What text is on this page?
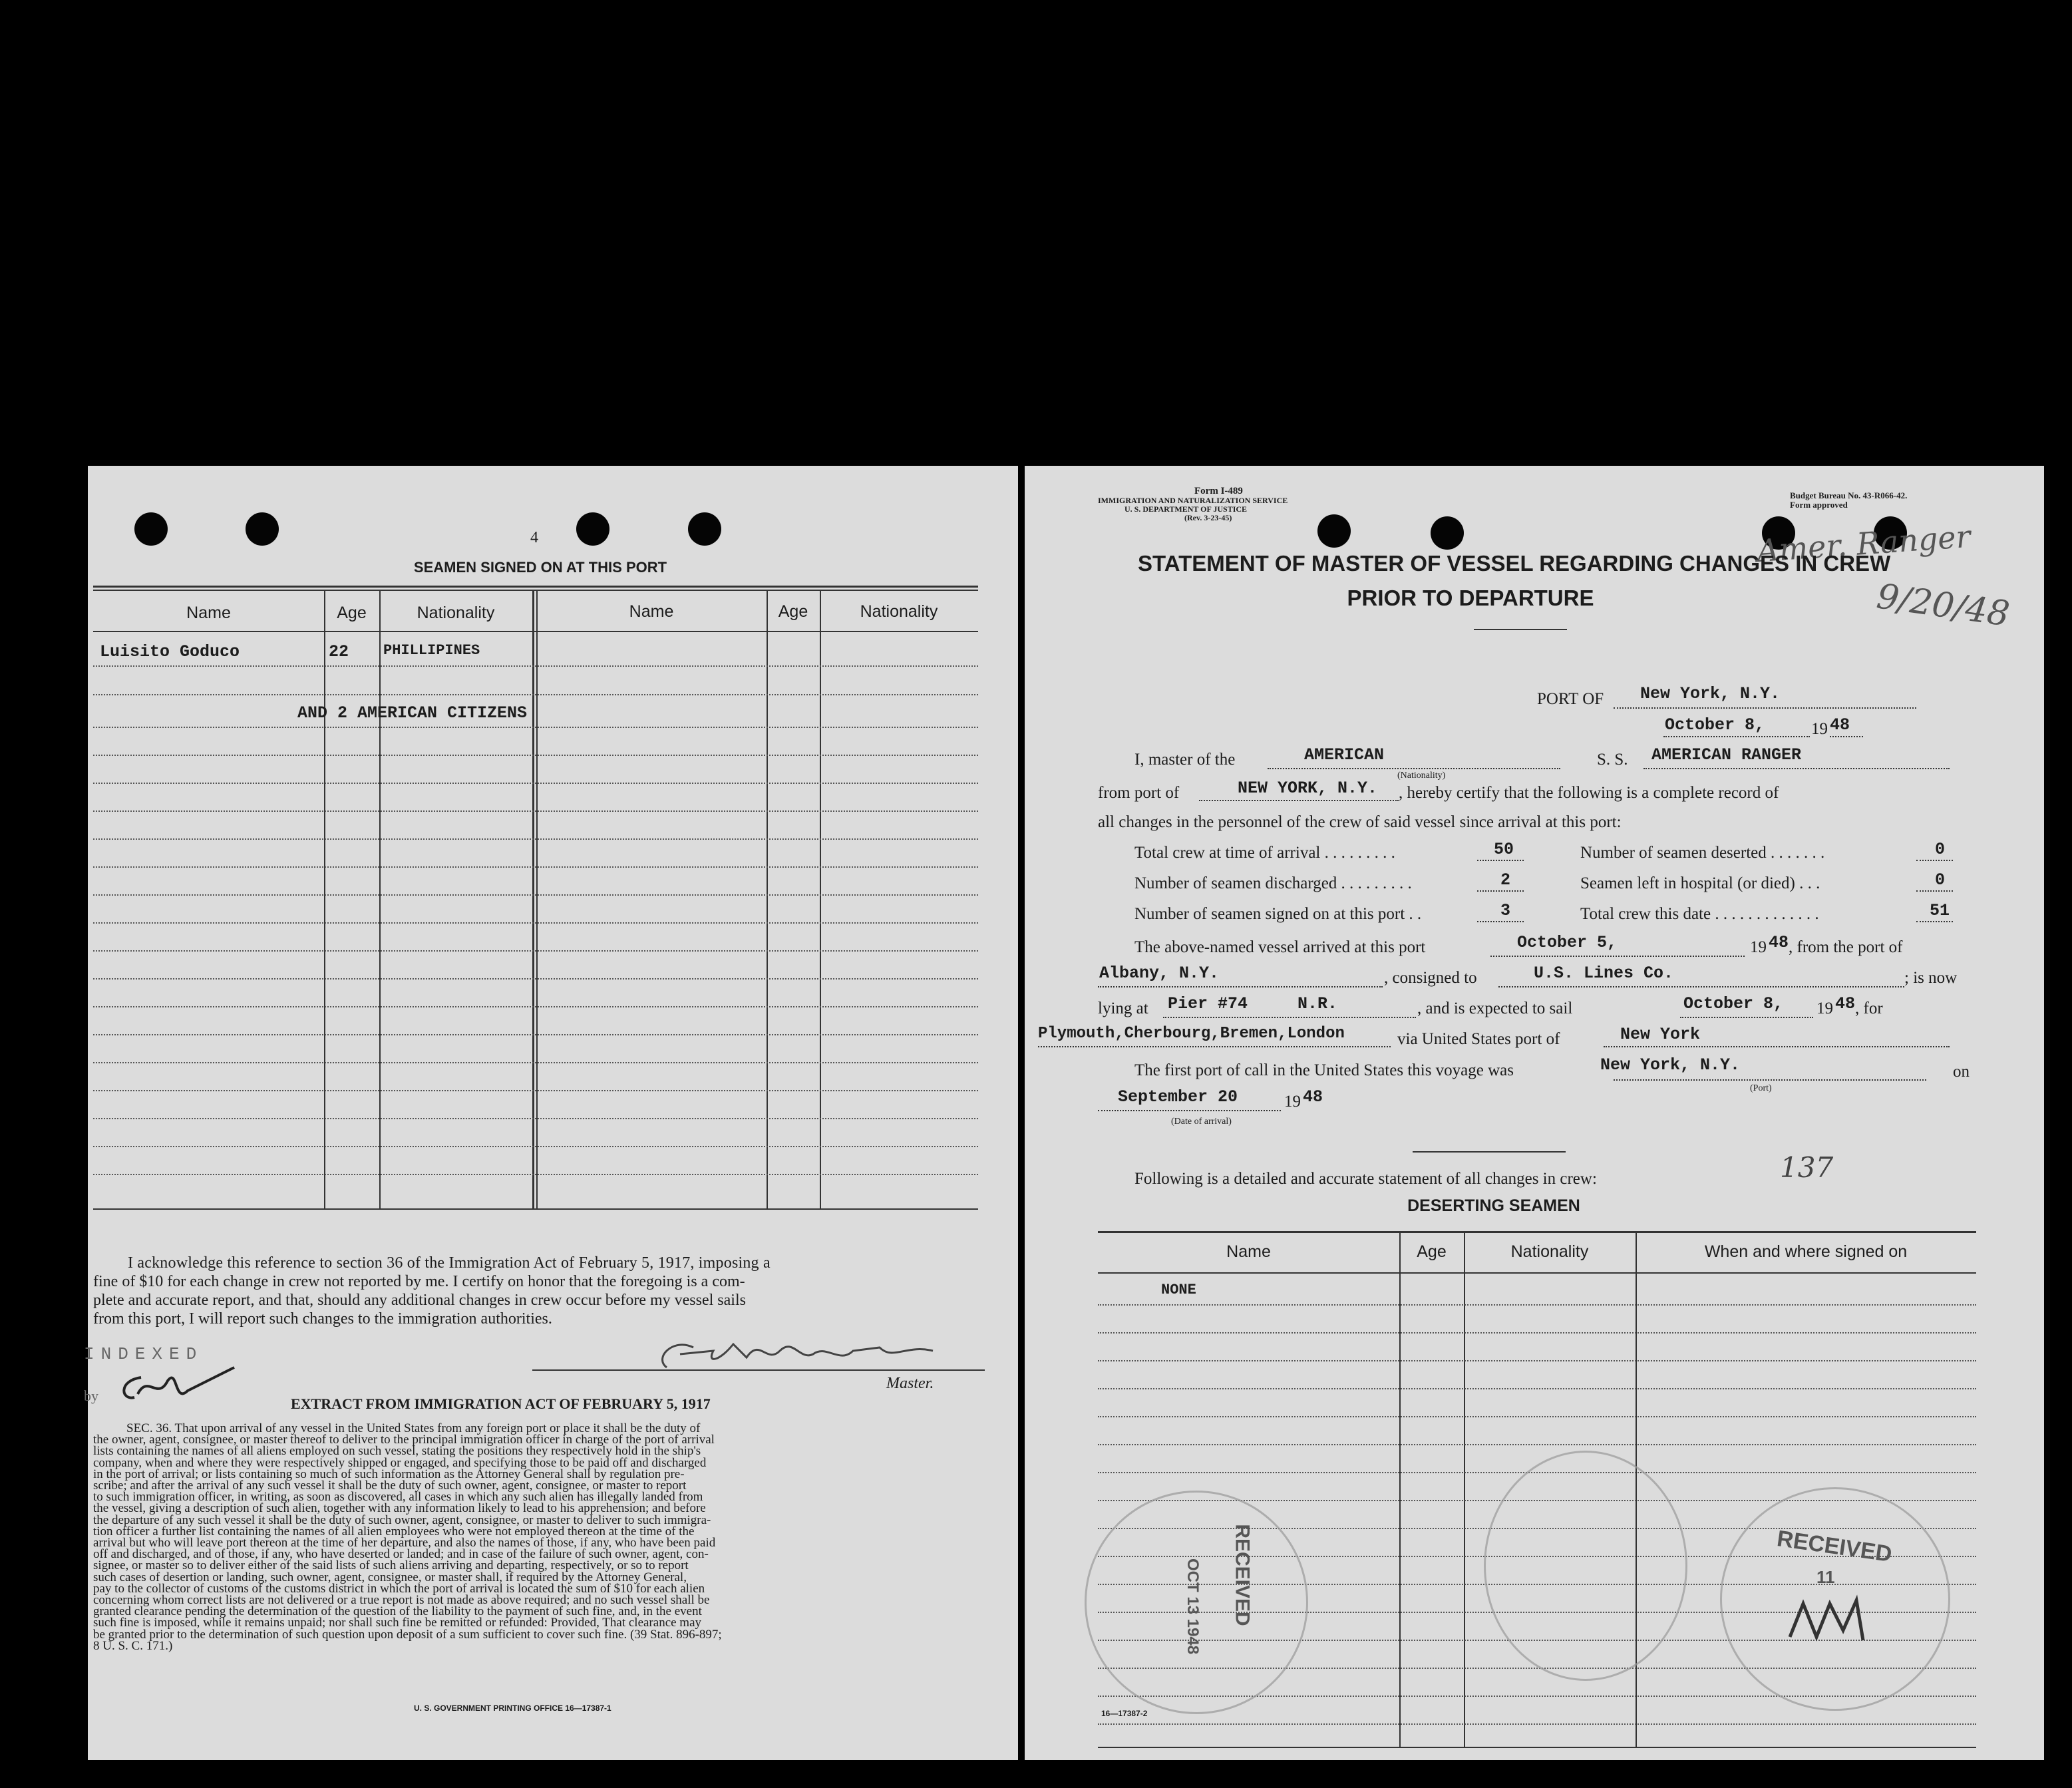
4
SEAMEN SIGNED ON AT THIS PORT
Name	Age	Nationality	Name	Age	Nationality
Luisito Goduco	22 PHILLIPINES
AND 2 AMERICAN CITIZENS
I acknowledge this reference to section 36 of the Immigration Act of February 5, 1917, imposing a
fine of $10 for each change in crew not reported by me. I certify on honor that the foregoing is a com-
plete and accurate report, and that, should any additional changes in crew occur before my vessel sails
from this port, I will report such changes to the immigration authorities.
INDEXED
by
Master.
EXTRACT FROM IMMIGRATION ACT OF FEBRUARY 5, 1917
SEC. 36. That upon arrival of any vessel in the United States from any foreign port or place it shall be the duty of
the owner, agent, consignee, or master thereof to deliver to the principal immigration officer in charge of the port of arrival
lists containing the names of all aliens employed on such vessel, stating the positions they respectively hold in the ship's
company, when and where they were respectively shipped or engaged, and specifying those to be paid off and discharged
in the port of arrival; or lists containing so much of such information as the Attorney General shall by regulation pre-
scribe; and after the arrival of any such vessel it shall be the duty of such owner, agent, consignee, or master to report
to such immigration officer, in writing, as soon as discovered, all cases in which any such alien has illegally landed from
the vessel, giving a description of such alien, together with any information likely to lead to his apprehension; and before
the departure of any such vessel it shall be the duty of such owner, agent, consignee, or master to deliver to such immigra-
tion officer a further list containing the names of all alien employees who were not employed thereon at the time of the
arrival but who will leave port thereon at the time of her departure, and also the names of those, if any, who have been paid
off and discharged, and of those, if any, who have deserted or landed; and in case of the failure of such owner, agent, con-
signee, or master so to deliver either of the said lists of such aliens arriving and departing, respectively, or so to report
such cases of desertion or landing, such owner, agent, consignee, or master shall, if required by the Attorney General,
pay to the collector of customs of the customs district in which the port of arrival is located the sum of $10 for each alien
concerning whom correct lists are not delivered or a true report is not made as above required; and no such vessel shall be
granted clearance pending the determination of the question of the liability to the payment of such fine, and, in the event
such fine is imposed, while it remains unpaid; nor shall such fine be remitted or refunded: Provided, That clearance may
be granted prior to the determination of such question upon deposit of a sum sufficient to cover such fine. (39 Stat. 896-897;
8 U. S. C. 171.)
U. S. GOVERNMENT PRINTING OFFICE 16—17387-1
Form I-489
IMMIGRATION AND NATURALIZATION SERVICE
U. S. DEPARTMENT OF JUSTICE
(Rev. 3-23-45)
Budget Bureau No. 43-R066-42.
Form approved
Amer. Ranger
9/20/48
STATEMENT OF MASTER OF VESSEL REGARDING CHANGES IN CREW
PRIOR TO DEPARTURE
PORT OF New York, N.Y.
October 8,	19 48
I, master of the	AMERICAN
(Nationality)
S. S. AMERICAN RANGER
from port of	NEW YORK, N.Y. , hereby certify that the following is a complete record of
all changes in the personnel of the crew of said vessel since arrival at this port:
Total crew at time of arrival . . . . . . . . .	50
Number of seamen discharged . . . . . . . . .	2
Number of seamen signed on at this port . .	3
Number of seamen deserted . . . . . . .	0
Seamen left in hospital (or died) . . .	0
Total crew this date . . . . . . . . . . . . .	51
The above-named vessel arrived at this port	October 5,	19 48 , from the port of
Albany, N.Y.	, consigned to	U.S. Lines Co.	; is now
lying at Pier #74     N.R.	, and is expected to sail	October 8, 19 48 , for
Plymouth,Cherbourg,Bremen,London	via United States port of	New York
The first port of call in the United States this voyage was	New York, N.Y.
(Port)
on
September 20	19 48
(Date of arrival)
Following is a detailed and accurate statement of all changes in crew:	137
DESERTING SEAMEN
Name	Age	Nationality	When and where signed on
NONE
RECEIVED
OCT 13 1948
RECEIVED
11
16—17387-2
